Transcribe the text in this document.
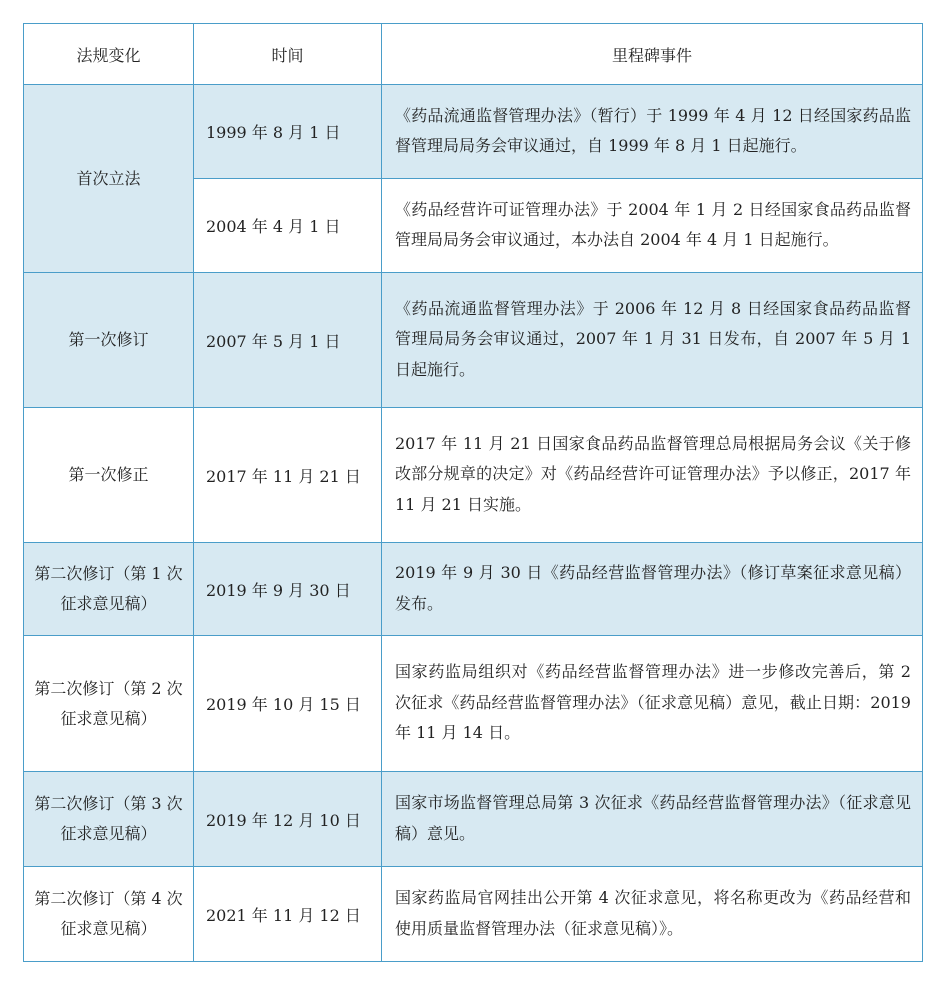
法规变化	时间	里程碑事件
首次立法	1999 年 8 月 1 日	《药品流通监督管理办法》（暂行）于 1999 年 4 月 12 日经国家药品监督管理局局务会审议通过，自 1999 年 8 月 1 日起施行。
	2004 年 4 月 1 日	《药品经营许可证管理办法》于 2004 年 1 月 2 日经国家食品药品监督管理局局务会审议通过，本办法自 2004 年 4 月 1 日起施行。
第一次修订	2007 年 5 月 1 日	《药品流通监督管理办法》于 2006 年 12 月 8 日经国家食品药品监督管理局局务会审议通过，2007 年 1 月 31 日发布，自 2007 年 5 月 1 日起施行。
第一次修正	2017 年 11 月 21 日	2017 年 11 月 21 日国家食品药品监督管理总局根据局务会议《关于修改部分规章的决定》对《药品经营许可证管理办法》予以修正，2017 年 11 月 21 日实施。
第二次修订（第 1 次征求意见稿）	2019 年 9 月 30 日	2019 年 9 月 30 日《药品经营监督管理办法》（修订草案征求意见稿）发布。
第二次修订（第 2 次征求意见稿）	2019 年 10 月 15 日	国家药监局组织对《药品经营监督管理办法》进一步修改完善后，第 2 次征求《药品经营监督管理办法》（征求意见稿）意见，截止日期：2019 年 11 月 14 日。
第二次修订（第 3 次征求意见稿）	2019 年 12 月 10 日	国家市场监督管理总局第 3 次征求《药品经营监督管理办法》（征求意见稿）意见。
第二次修订（第 4 次征求意见稿）	2021 年 11 月 12 日	国家药监局官网挂出公开第 4 次征求意见，将名称更改为《药品经营和使用质量监督管理办法（征求意见稿）》。
